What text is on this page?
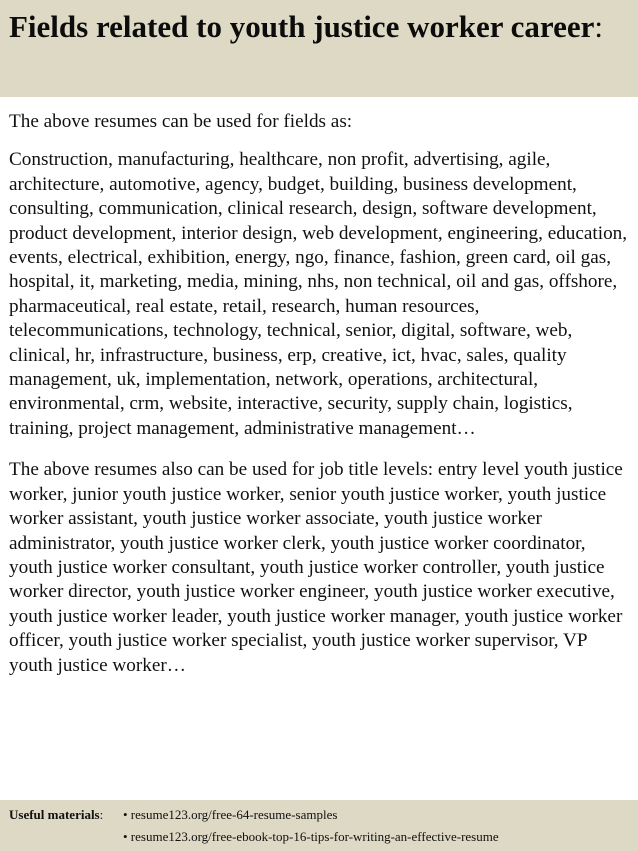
Fields related to youth justice worker career:

The above resumes can be used for fields as:

Construction, manufacturing, healthcare, non profit, advertising, agile, architecture, automotive, agency, budget, building, business development, consulting, communication, clinical research, design, software development, product development, interior design, web development, engineering, education, events, electrical, exhibition, energy, ngo, finance, fashion, green card, oil gas, hospital, it, marketing, media, mining, nhs, non technical, oil and gas, offshore, pharmaceutical, real estate, retail, research, human resources, telecommunications, technology, technical, senior, digital, software, web, clinical, hr, infrastructure, business, erp, creative, ict, hvac, sales, quality management, uk, implementation, network, operations, architectural, environmental, crm, website, interactive, security, supply chain, logistics, training, project management, administrative management…

The above resumes also can be used for job title levels: entry level youth justice worker, junior youth justice worker, senior youth justice worker, youth justice worker assistant, youth justice worker associate, youth justice worker administrator, youth justice worker clerk, youth justice worker coordinator, youth justice worker consultant, youth justice worker controller, youth justice worker director, youth justice worker engineer, youth justice worker executive, youth justice worker leader, youth justice worker manager, youth justice worker officer, youth justice worker specialist, youth justice worker supervisor, VP youth justice worker…

Useful materials: • resume123.org/free-64-resume-samples
• resume123.org/free-ebook-top-16-tips-for-writing-an-effective-resume
